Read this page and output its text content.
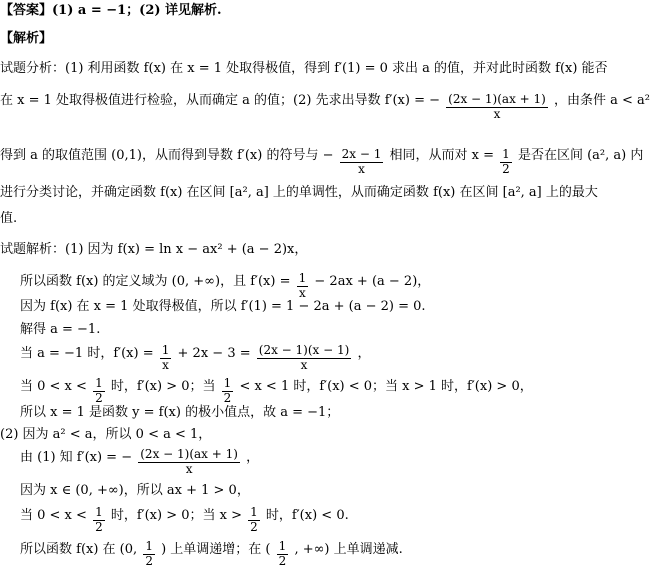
【答案】(1) a = −1；(2) 详见解析.
【解析】
试题分析：(1) 利用函数 f(x) 在 x = 1 处取得极值，得到 f′(1) = 0 求出 a 的值，并对此时函数 f(x) 能否
在 x = 1 处取得极值进行检验，从而确定 a 的值；(2) 先求出导数 f′(x) = − $\frac{(2x - 1)(ax + 1)}{x}$ ，由条件 a < a²
得到 a 的取值范围 (0,1)，从而得到导数 f′(x) 的符号与 − $\frac{2x - 1}{x}$ 相同，从而对 $x = \frac{1}{2}$ 是否在区间 (a², a) 内
进行分类讨论，并确定函数 f(x) 在区间 [a², a] 上的单调性，从而确定函数 f(x) 在区间 [a², a] 上的最大
值.
试题解析：(1) 因为 f(x) = ln x − ax² + (a − 2)x，
所以函数 f(x) 的定义域为 (0, +∞)，且 $f'(x) = \frac{1}{x} - 2ax + (a - 2)$，
因为 f(x) 在 x = 1 处取得极值，所以 f′(1) = 1 − 2a + (a − 2) = 0.
解得 a = −1.
当 a = −1 时，$f'(x) = \frac{1}{x} + 2x - 3 = \frac{(2x - 1)(x - 1)}{x}$ ，
当 $0 < x < \frac{1}{2}$ 时，f′(x) > 0；当 $\frac{1}{2} < x < 1$ 时，f′(x) < 0；当 x > 1 时，f′(x) > 0，
所以 x = 1 是函数 y = f(x) 的极小值点，故 a = −1；
(2) 因为 a² < a，所以 0 < a < 1，
由 (1) 知 f′(x) = − $\frac{(2x - 1)(ax + 1)}{x}$ ，
因为 x ∈ (0, +∞)，所以 ax + 1 > 0，
当 $0 < x < \frac{1}{2}$ 时，f′(x) > 0；当 $x > \frac{1}{2}$ 时，f′(x) < 0.
所以函数 f(x) 在 (0, $\frac{1}{2}$ ) 上单调递增；在 ( $\frac{1}{2}$ , +∞) 上单调递减.
